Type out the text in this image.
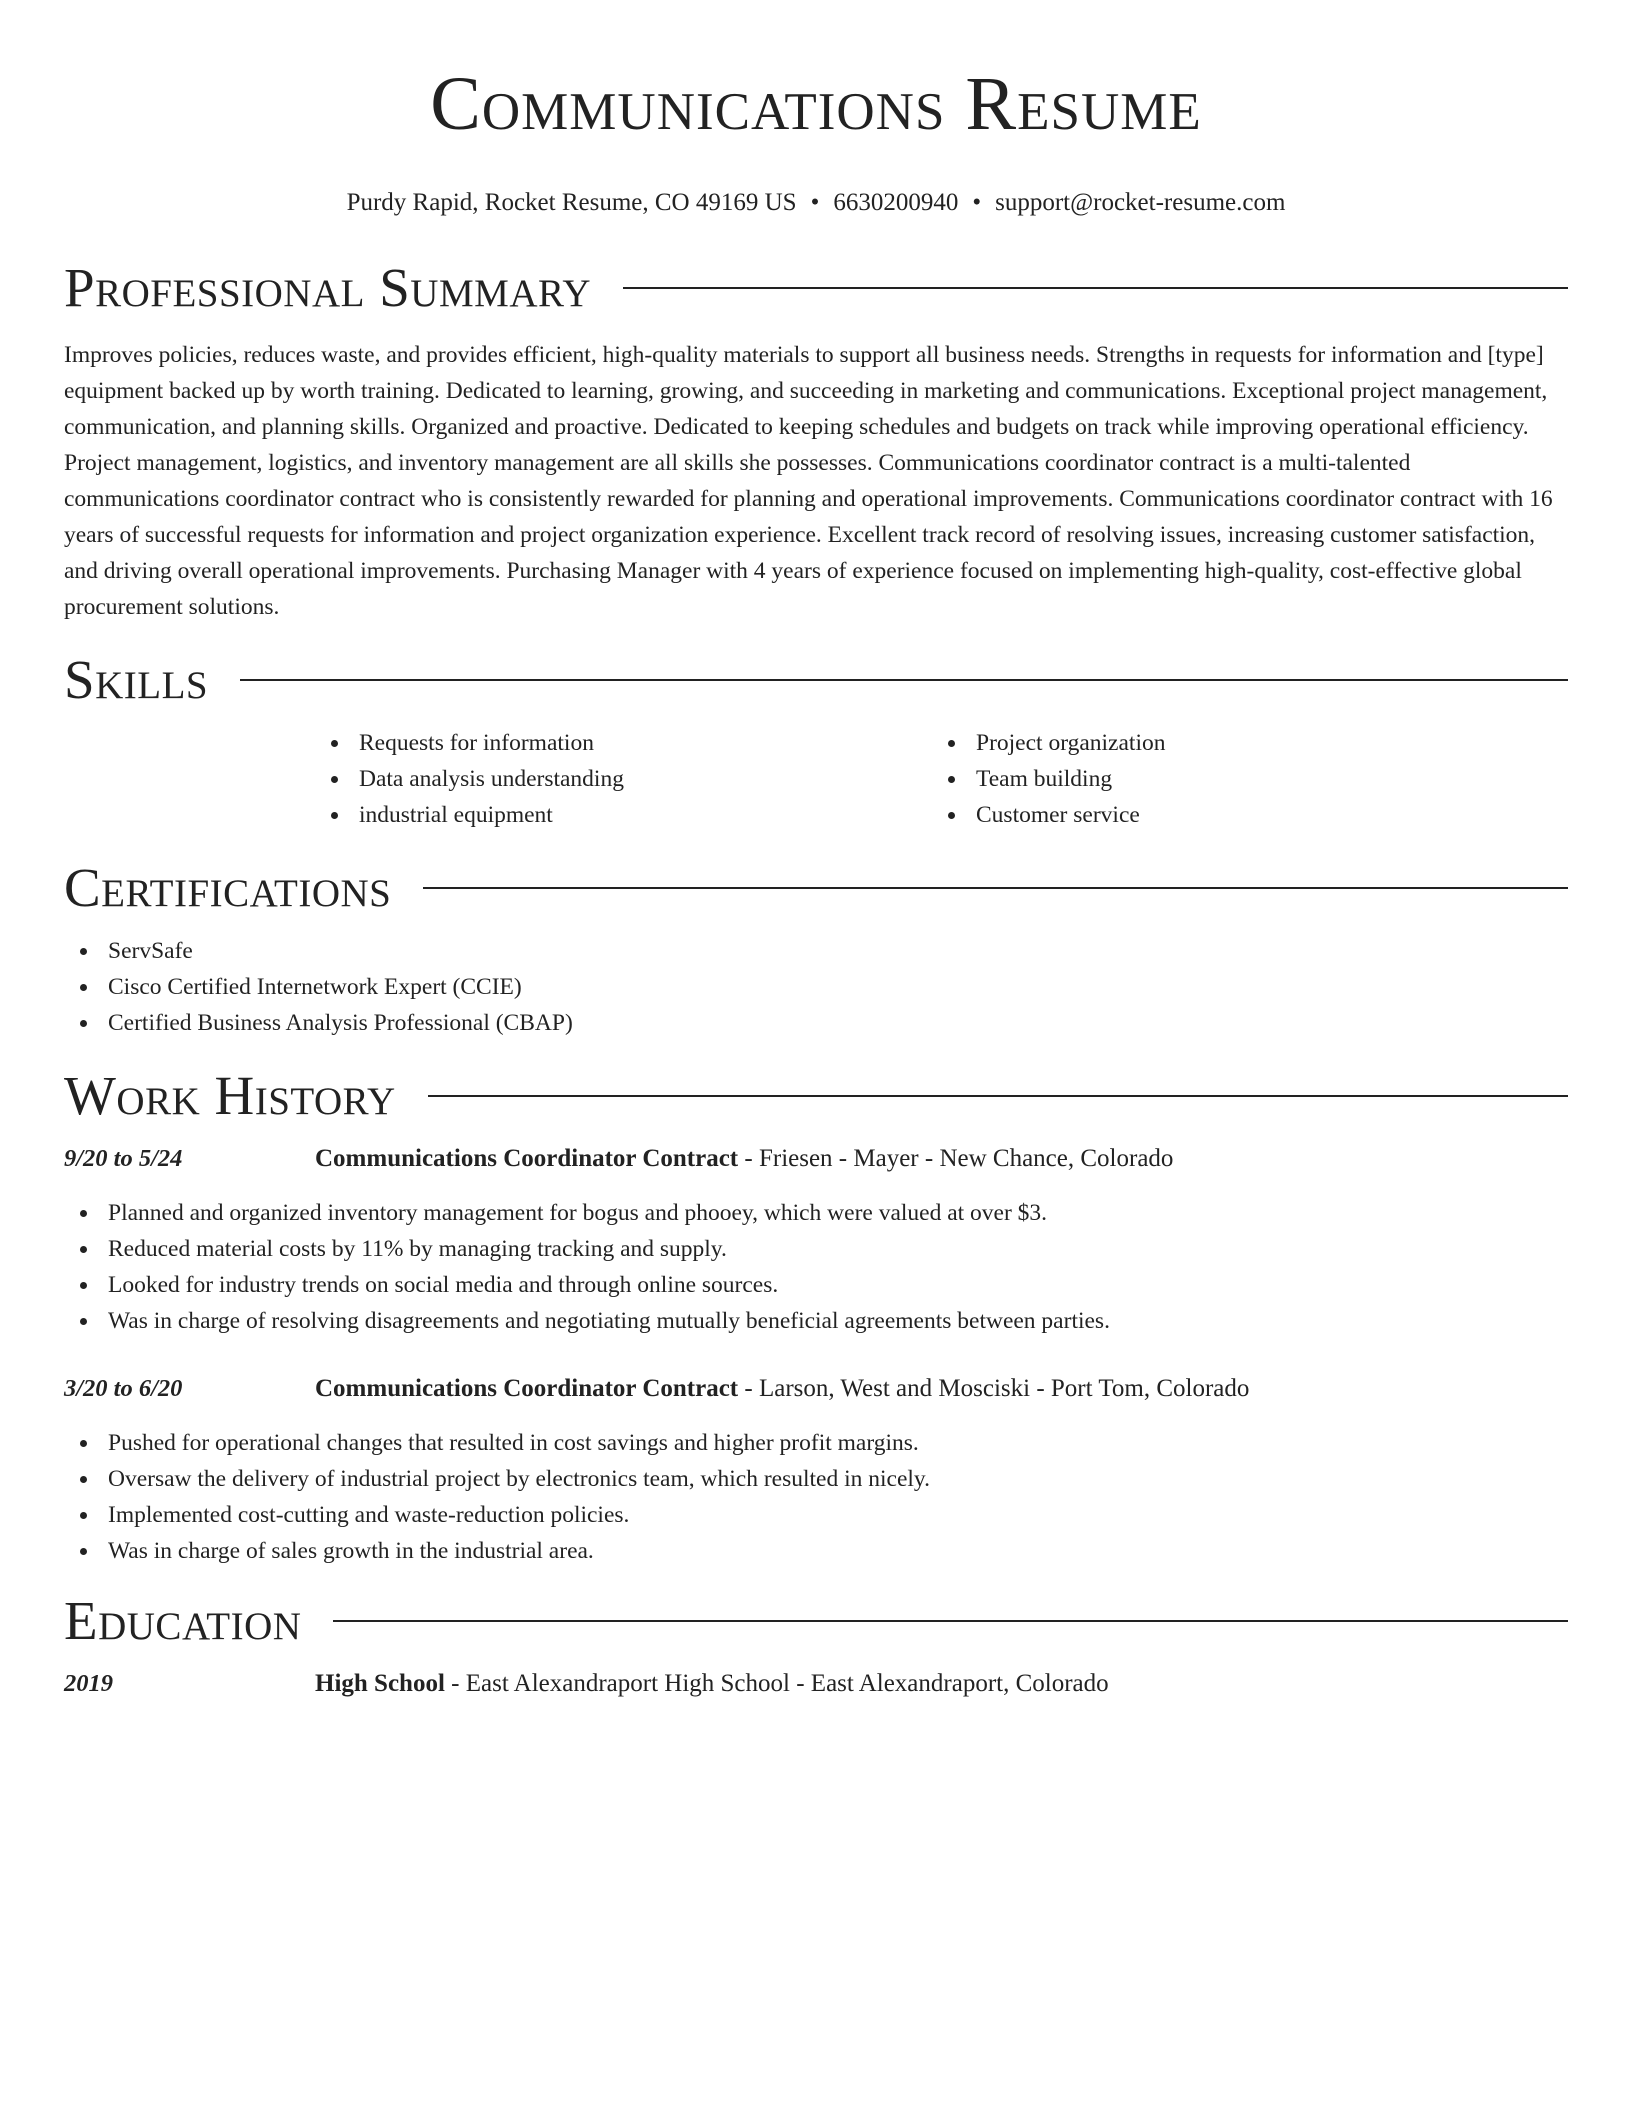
Communications Resume
Purdy Rapid, Rocket Resume, CO 49169 US • 6630200940 • support@rocket-resume.com
Professional Summary

Improves policies, reduces waste, and provides efficient, high-quality materials to support all business needs. Strengths in requests for information and [type] equipment backed up by worth training. Dedicated to learning, growing, and succeeding in marketing and communications. Exceptional project management, communication, and planning skills. Organized and proactive. Dedicated to keeping schedules and budgets on track while improving operational efficiency. Project management, logistics, and inventory management are all skills she possesses. Communications coordinator contract is a multi-talented communications coordinator contract who is consistently rewarded for planning and operational improvements. Communications coordinator contract with 16 years of successful requests for information and project organization experience. Excellent track record of resolving issues, increasing customer satisfaction, and driving overall operational improvements. Purchasing Manager with 4 years of experience focused on implementing high-quality, cost-effective global procurement solutions.

Skills
Requests for information
Data analysis understanding
industrial equipment
Project organization
Team building
Customer service
Certifications
ServSafe
Cisco Certified Internetwork Expert (CCIE)
Certified Business Analysis Professional (CBAP)
Work History
9/20 to 5/24	Communications Coordinator Contract - Friesen - Mayer - New Chance, Colorado
Planned and organized inventory management for bogus and phooey, which were valued at over $3.
Reduced material costs by 11% by managing tracking and supply.
Looked for industry trends on social media and through online sources.
Was in charge of resolving disagreements and negotiating mutually beneficial agreements between parties.
3/20 to 6/20	Communications Coordinator Contract - Larson, West and Mosciski - Port Tom, Colorado
Pushed for operational changes that resulted in cost savings and higher profit margins.
Oversaw the delivery of industrial project by electronics team, which resulted in nicely.
Implemented cost-cutting and waste-reduction policies.
Was in charge of sales growth in the industrial area.
Education
2019	High School - East Alexandraport High School - East Alexandraport, Colorado
